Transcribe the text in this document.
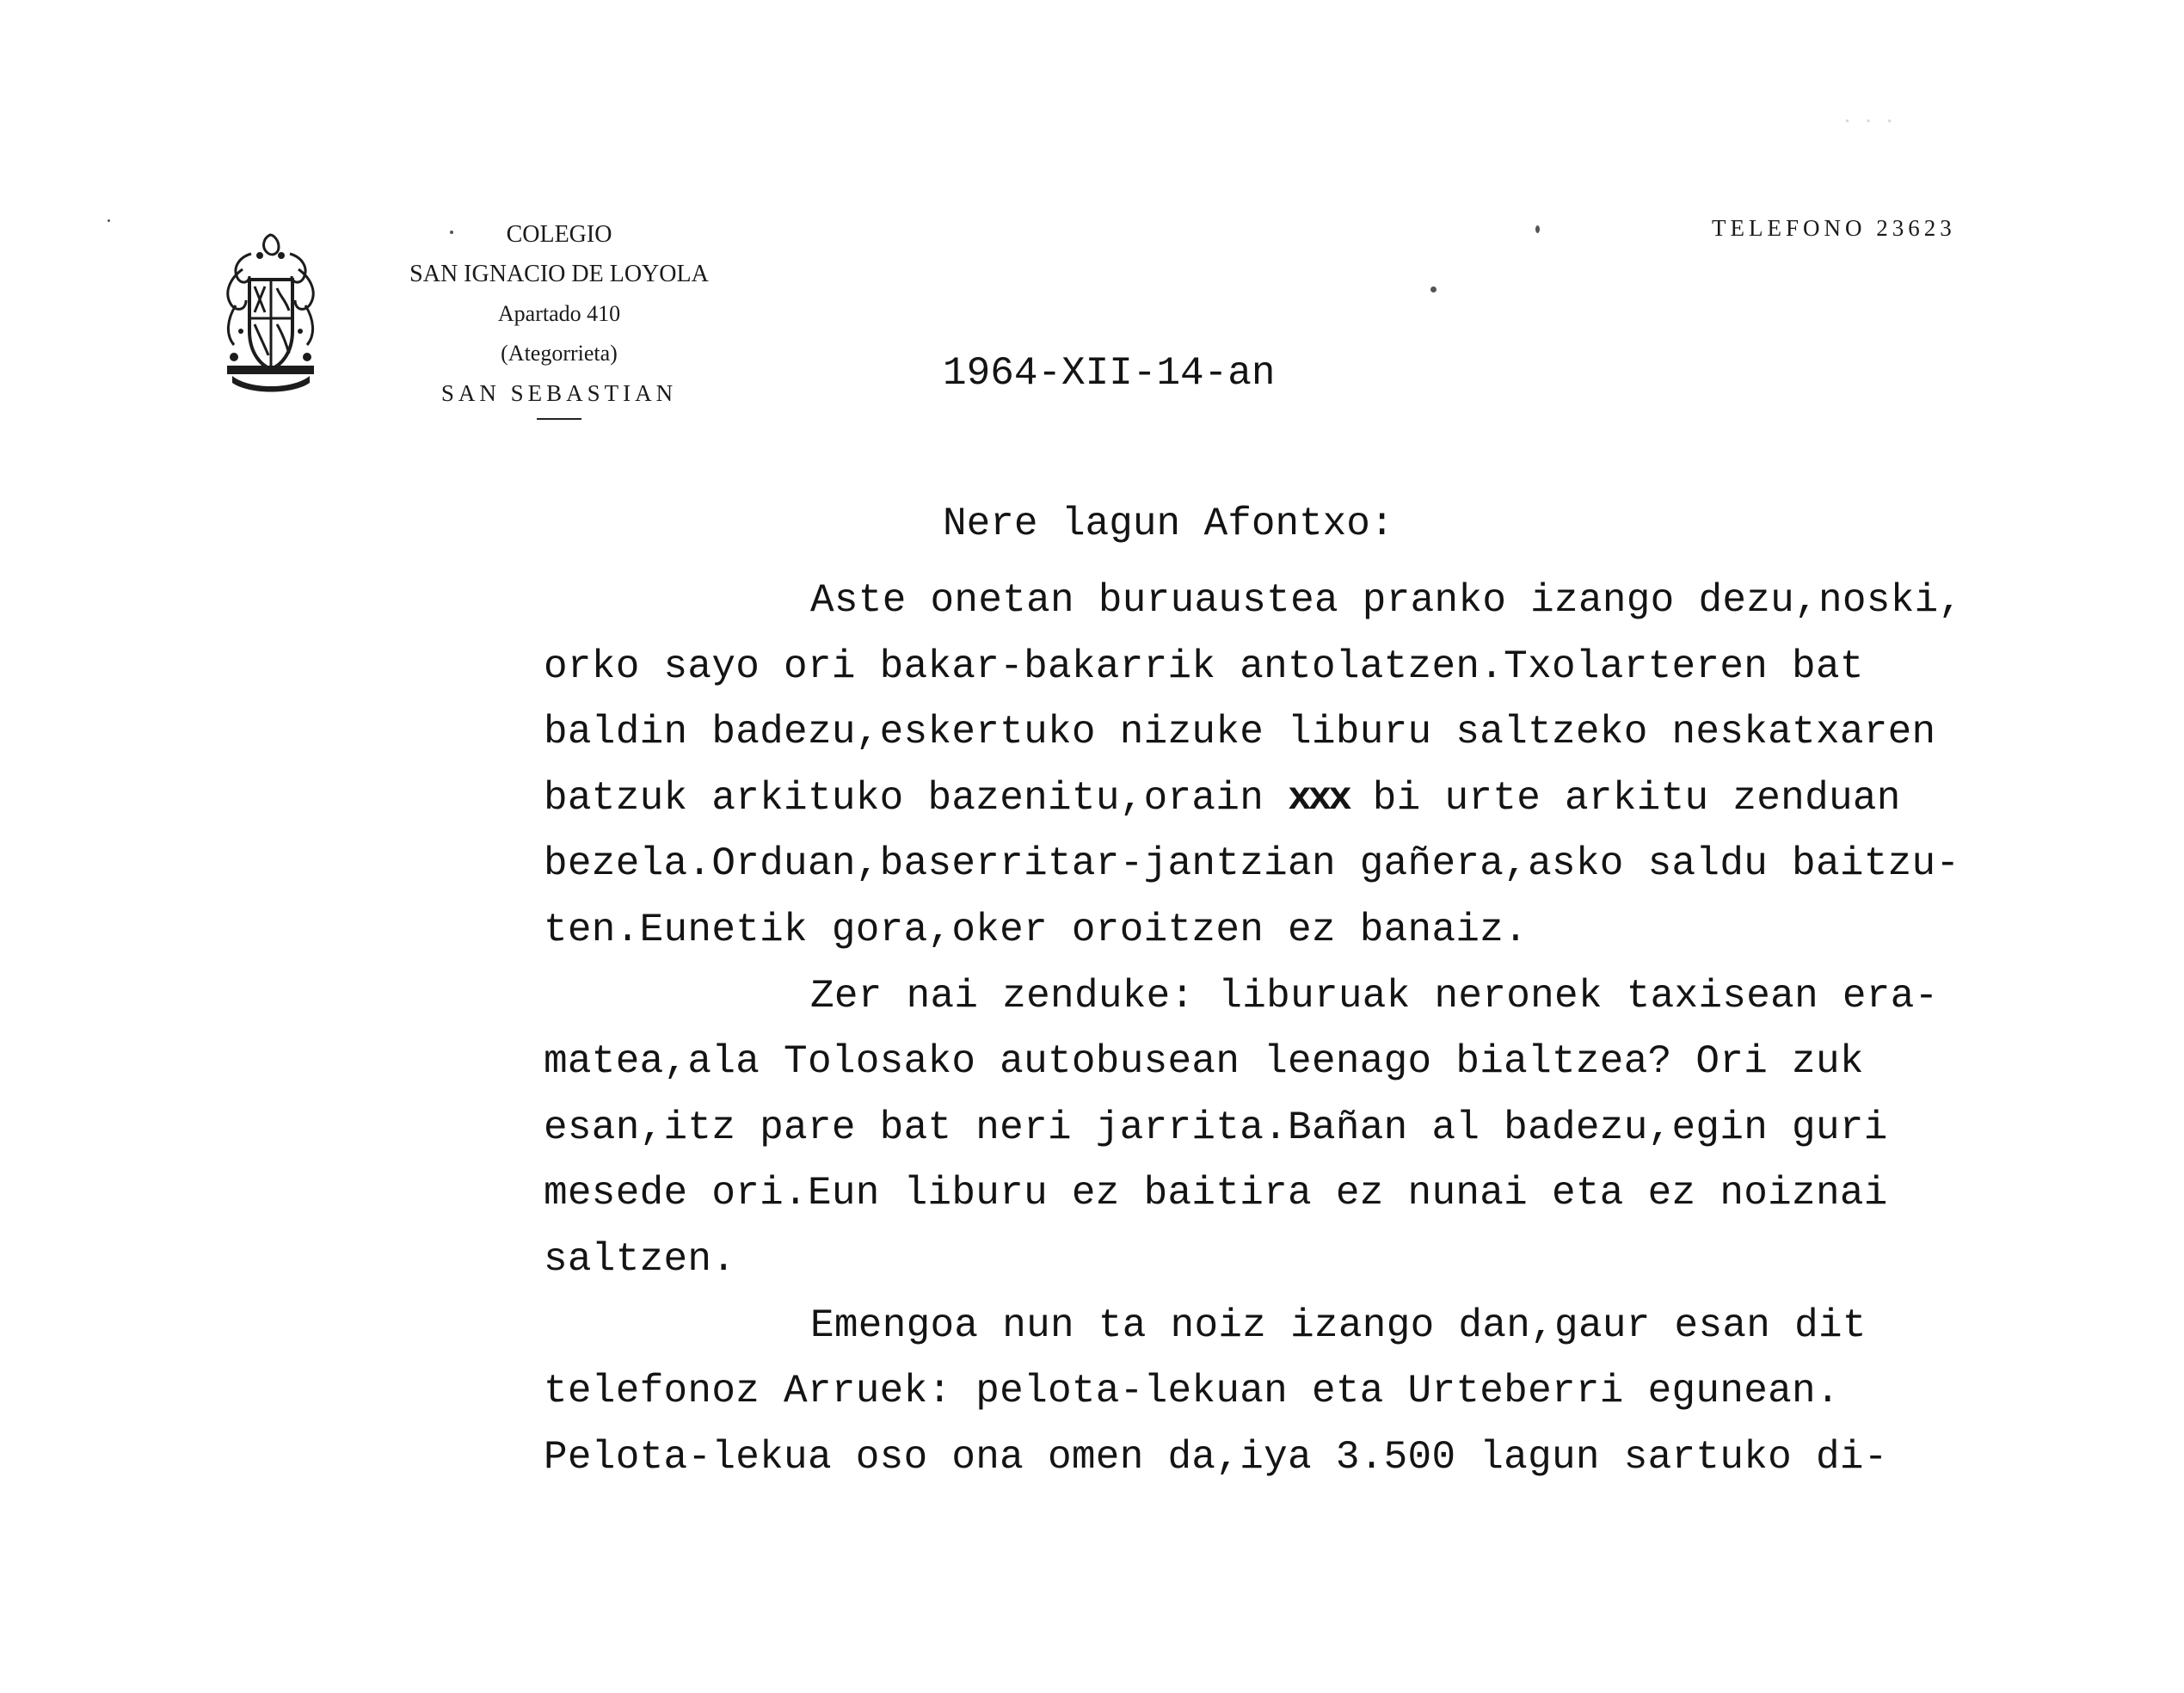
˙ ˙ ˙
COLEGIO
SAN IGNACIO DE LOYOLA
Apartado 410
(Ategorrieta)
SAN SEBASTIAN
TELEFONO 23623
1964-XII-14-an
Nere lagun Afontxo:
Aste onetan buruaustea pranko izango dezu,noski,
orko sayo ori bakar-bakarrik antolatzen.Txolarteren bat
baldin badezu,eskertuko nizuke liburu saltzeko neskatxaren
batzuk arkituko bazenitu,orain xxx bi urte arkitu zenduan
bezela.Orduan,baserritar-jantzian gañera,asko saldu baitzu-
ten.Eunetik gora,oker oroitzen ez banaiz.
Zer nai zenduke: liburuak neronek taxisean era-
matea,ala Tolosako autobusean leenago bialtzea? Ori zuk
esan,itz pare bat neri jarrita.Bañan al badezu,egin guri
mesede ori.Eun liburu ez baitira ez nunai eta ez noiznai
saltzen.
Emengoa nun ta noiz izango dan,gaur esan dit
telefonoz Arruek: pelota-lekuan eta Urteberri egunean.
Pelota-lekua oso ona omen da,iya 3.500 lagun sartuko di-
